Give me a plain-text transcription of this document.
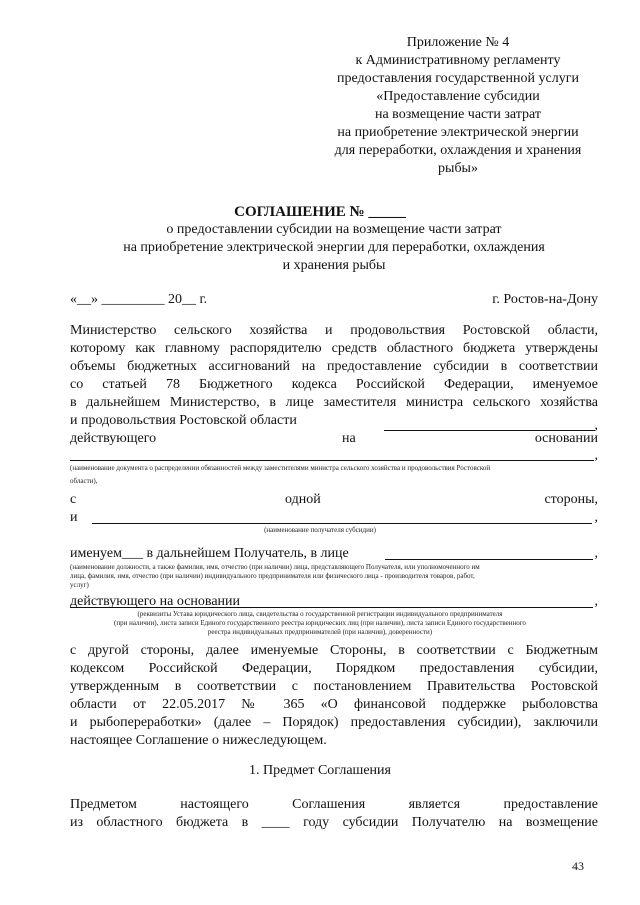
Приложение № 4
к Административному регламенту
предоставления государственной услуги
«Предоставление субсидии
на возмещение части затрат
на приобретение электрической энергии
для переработки, охлаждения и хранения
рыбы»
СОГЛАШЕНИЕ № _____
о предоставлении субсидии на возмещение части затрат
на приобретение электрической энергии для переработки, охлаждения
и хранения рыбы
«__» _________ 20__ г.	г. Ростов-на-Дону
Министерство сельского хозяйства и продовольствия Ростовской области,
которому как главному распорядителю средств областного бюджета утверждены
объемы бюджетных ассигнований на предоставление субсидии в соответствии
со статьей 78 Бюджетного кодекса Российской Федерации, именуемое
в дальнейшем Министерство, в лице заместителя министра сельского хозяйства
и продовольствия Ростовской области	,
действующего	на	основании
,
(наименование документа о распределении обязанностей между заместителями министра сельского хозяйства и продовольствия Ростовской
области),
с	одной	стороны,
и	,
(наименование получателя субсидии)
именуем___ в дальнейшем Получатель, в лице	,
(наименование должности, а также фамилия, имя, отчество (при наличии) лица, представляющего Получателя, или уполномоченного им
лица, фамилия, имя, отчество (при наличии) индивидуального предпринимателя или физического лица - производителя товаров, работ,
услуг)
действующего на основании	,
(реквизиты Устава юридического лица, свидетельства о государственной регистрации индивидуального предпринимателя
(при наличии), листа записи Единого государственного реестра юридических лиц (при наличии), листа записи Единого государственного
реестра индивидуальных предпринимателей (при наличии), доверенности)
с другой стороны, далее именуемые Стороны, в соответствии с Бюджетным
кодексом Российской Федерации, Порядком предоставления субсидии,
утвержденным в соответствии с постановлением Правительства Ростовской
области от 22.05.2017 № 365 «О финансовой поддержке рыболовства
и рыбопереработки» (далее – Порядок) предоставления субсидии), заключили
настоящее Соглашение о нижеследующем.
1. Предмет Соглашения
Предметом настоящего Соглашения является предоставление
из областного бюджета в ____ году субсидии Получателю на возмещение
43
